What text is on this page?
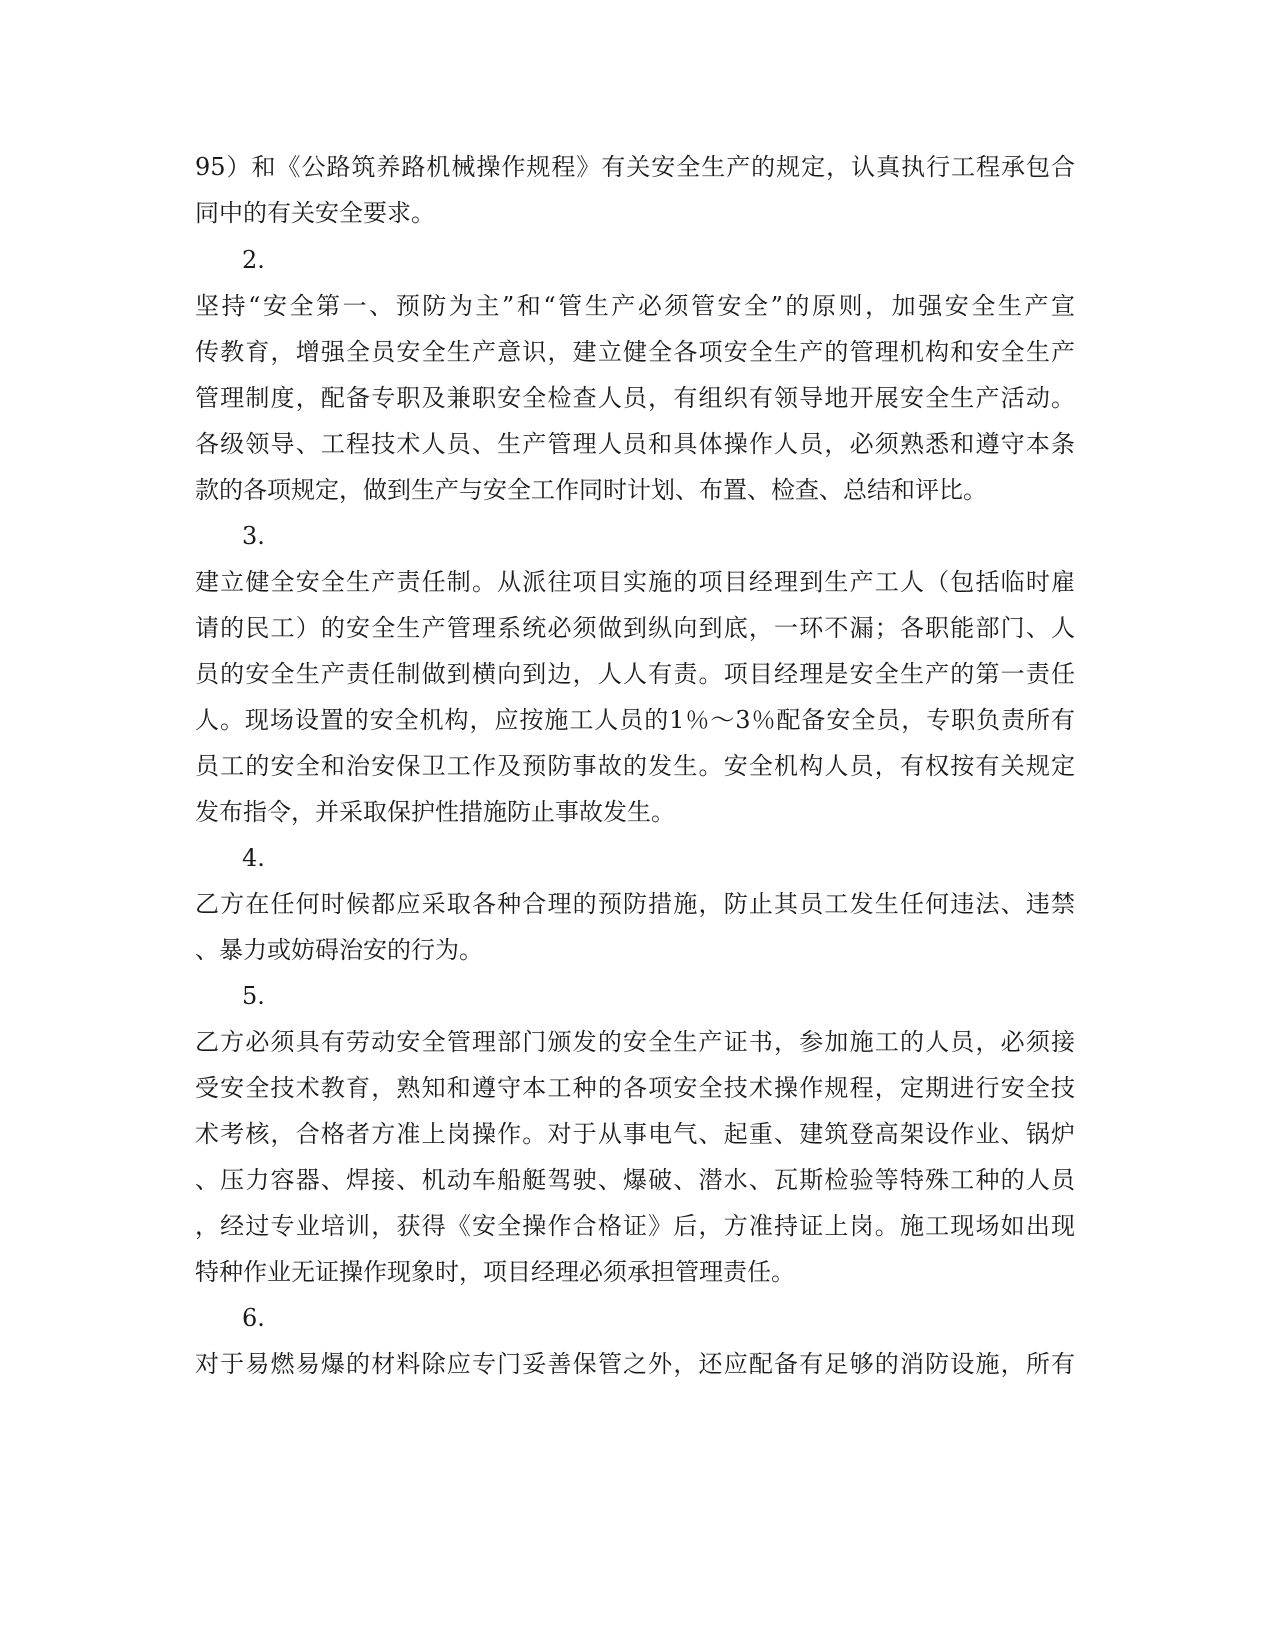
95）和《公路筑养路机械操作规程》有关安全生产的规定，认真执行工程承包合
同中的有关安全要求。
2.
坚持“安全第一、预防为主”和“管生产必须管安全”的原则，加强安全生产宣
传教育，增强全员安全生产意识，建立健全各项安全生产的管理机构和安全生产
管理制度，配备专职及兼职安全检查人员，有组织有领导地开展安全生产活动。
各级领导、工程技术人员、生产管理人员和具体操作人员，必须熟悉和遵守本条
款的各项规定，做到生产与安全工作同时计划、布置、检查、总结和评比。
3.
建立健全安全生产责任制。从派往项目实施的项目经理到生产工人（包括临时雇
请的民工）的安全生产管理系统必须做到纵向到底，一环不漏；各职能部门、人
员的安全生产责任制做到横向到边，人人有责。项目经理是安全生产的第一责任
人。现场设置的安全机构，应按施工人员的1％～3％配备安全员，专职负责所有
员工的安全和治安保卫工作及预防事故的发生。安全机构人员，有权按有关规定
发布指令，并采取保护性措施防止事故发生。
4.
乙方在任何时候都应采取各种合理的预防措施，防止其员工发生任何违法、违禁
、暴力或妨碍治安的行为。
5.
乙方必须具有劳动安全管理部门颁发的安全生产证书，参加施工的人员，必须接
受安全技术教育，熟知和遵守本工种的各项安全技术操作规程，定期进行安全技
术考核，合格者方准上岗操作。对于从事电气、起重、建筑登高架设作业、锅炉
、压力容器、焊接、机动车船艇驾驶、爆破、潜水、瓦斯检验等特殊工种的人员
，经过专业培训，获得《安全操作合格证》后，方准持证上岗。施工现场如出现
特种作业无证操作现象时，项目经理必须承担管理责任。
6.
对于易燃易爆的材料除应专门妥善保管之外，还应配备有足够的消防设施，所有
